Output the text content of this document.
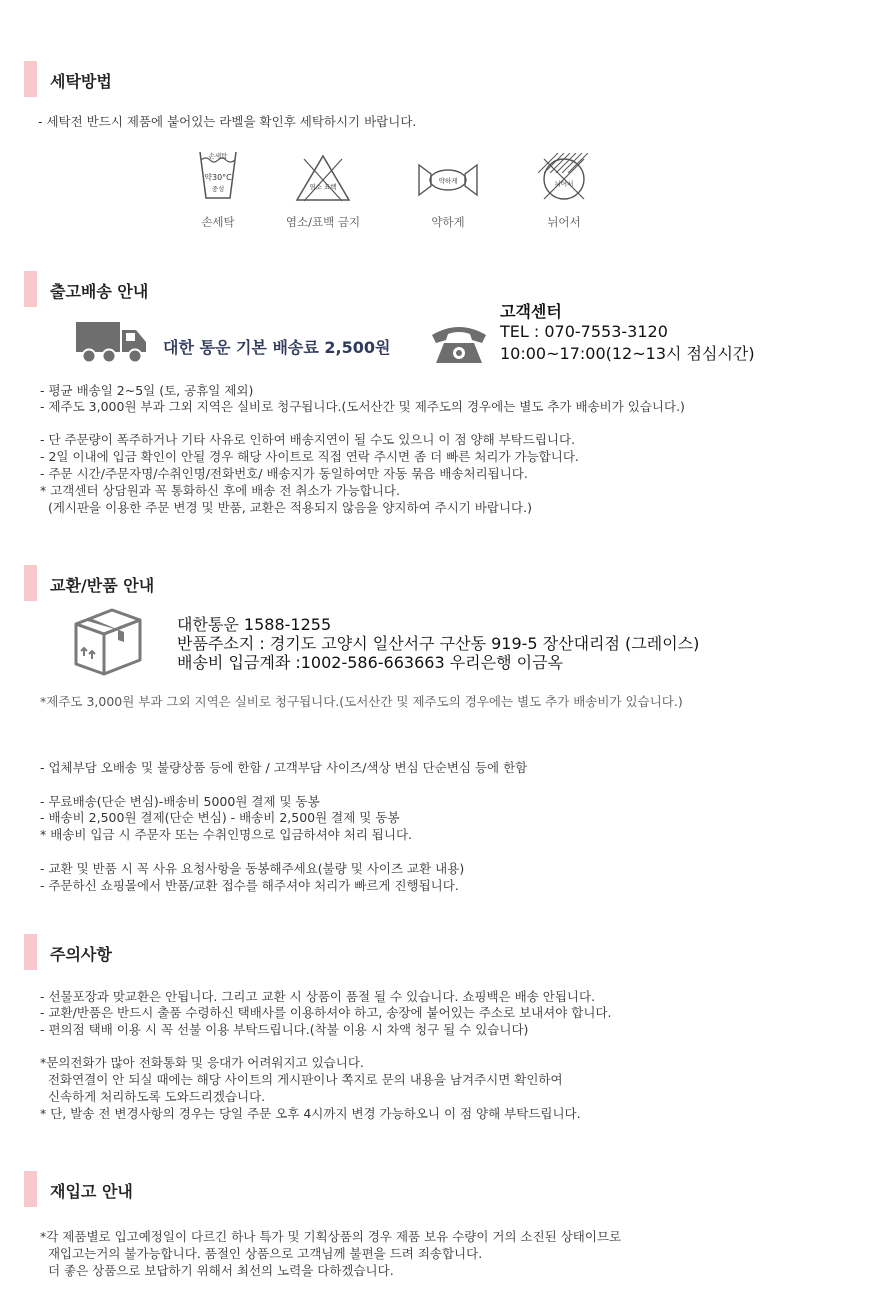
세탁방법
- 세탁전 반드시 제품에 붙어있는 라벨을 확인후 세탁하시기 바랍니다.
손세탁
약30°C
중성
손세탁
염소 표백
염소/표백 금지
약하게
약하게
뉘어서
뉘어서
출고배송 안내
대한 통운 기본 배송료 2,500원
고객센터
TEL : 070-7553-3120
10:00~17:00(12~13시 점심시간)
- 평균 배송일 2~5일 (토, 공휴일 제외)
- 제주도 3,000원 부과 그외 지역은 실비로 청구됩니다.(도서산간 및 제주도의 경우에는 별도 추가 배송비가 있습니다.)
- 단 주문량이 폭주하거나 기타 사유로 인하여 배송지연이 될 수도 있으니 이 점 양해 부탁드립니다.
- 2일 이내에 입금 확인이 안될 경우 해당 사이트로 직접 연락 주시면 좀 더 빠른 처리가 가능합니다.
- 주문 시간/주문자명/수취인명/전화번호/ 배송지가 동일하여만 자동 묶음 배송처리됩니다.
* 고객센터 상담원과 꼭 통화하신 후에 배송 전 취소가 가능합니다.
(게시판을 이용한 주문 변경 및 반품, 교환은 적용되지 않음을 양지하여 주시기 바랍니다.)
교환/반품 안내
대한통운 1588-1255
반품주소지 : 경기도 고양시 일산서구 구산동 919-5 장산대리점 (그레이스)
배송비 입금계좌 :1002-586-663663 우리은행 이금옥
*제주도 3,000원 부과 그외 지역은 실비로 청구됩니다.(도서산간 및 제주도의 경우에는 별도 추가 배송비가 있습니다.)
- 업체부담 오배송 및 불량상품 등에 한함 / 고객부담 사이즈/색상 변심 단순변심 등에 한함
- 무료배송(단순 변심)-배송비 5000원 결제 및 동봉
- 배송비 2,500원 결제(단순 변심) - 배송비 2,500원 결제 및 동봉
* 배송비 입금 시 주문자 또는 수취인명으로 입금하셔야 처리 됩니다.
- 교환 및 반품 시 꼭 사유 요청사항을 동봉해주세요(불량 및 사이즈 교환 내용)
- 주문하신 쇼핑몰에서 반품/교환 접수를 해주셔야 처리가 빠르게 진행됩니다.
주의사항
- 선물포장과 맞교환은 안됩니다. 그리고 교환 시 상품이 품절 될 수 있습니다. 쇼핑백은 배송 안됩니다.
- 교환/반품은 반드시 출품 수령하신 택배사를 이용하셔야 하고, 송장에 붙어있는 주소로 보내셔야 합니다.
- 편의점 택배 이용 시 꼭 선불 이용 부탁드립니다.(착불 이용 시 차액 청구 될 수 있습니다)
*문의전화가 많아 전화통화 및 응대가 어려워지고 있습니다.
전화연결이 안 되실 때에는 해당 사이트의 게시판이나 쪽지로 문의 내용을 남겨주시면 확인하여
신속하게 처리하도록 도와드리겠습니다.
* 단, 발송 전 변경사항의 경우는 당일 주문 오후 4시까지 변경 가능하오니 이 점 양해 부탁드립니다.
재입고 안내
*각 제품별로 입고예정일이 다르긴 하나 특가 및 기획상품의 경우 제품 보유 수량이 거의 소진된 상태이므로
재입고는거의 불가능합니다. 품절인 상품으로 고객님께 불편을 드려 죄송합니다.
더 좋은 상품으로 보답하기 위해서 최선의 노력을 다하겠습니다.
